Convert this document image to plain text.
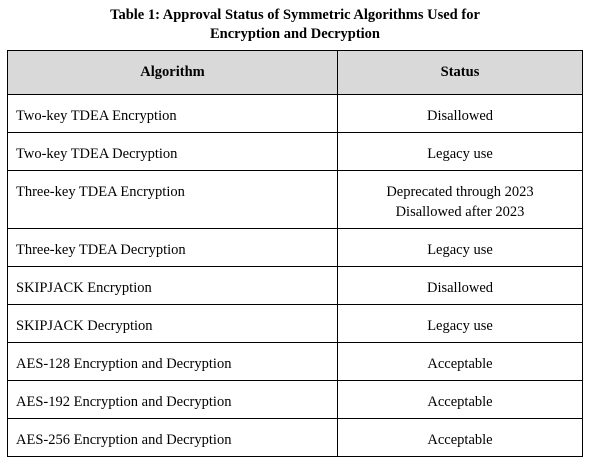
Table 1: Approval Status of Symmetric Algorithms Used for
Encryption and Decryption
Algorithm	Status
Two-key TDEA Encryption	Disallowed

Two-key TDEA Decryption	Legacy use

Three-key TDEA Encryption	Deprecated through 2023
Disallowed after 2023

Three-key TDEA Decryption	Legacy use

SKIPJACK Encryption	Disallowed

SKIPJACK Decryption	Legacy use

AES-128 Encryption and Decryption	Acceptable

AES-192 Encryption and Decryption	Acceptable

AES-256 Encryption and Decryption	Acceptable
